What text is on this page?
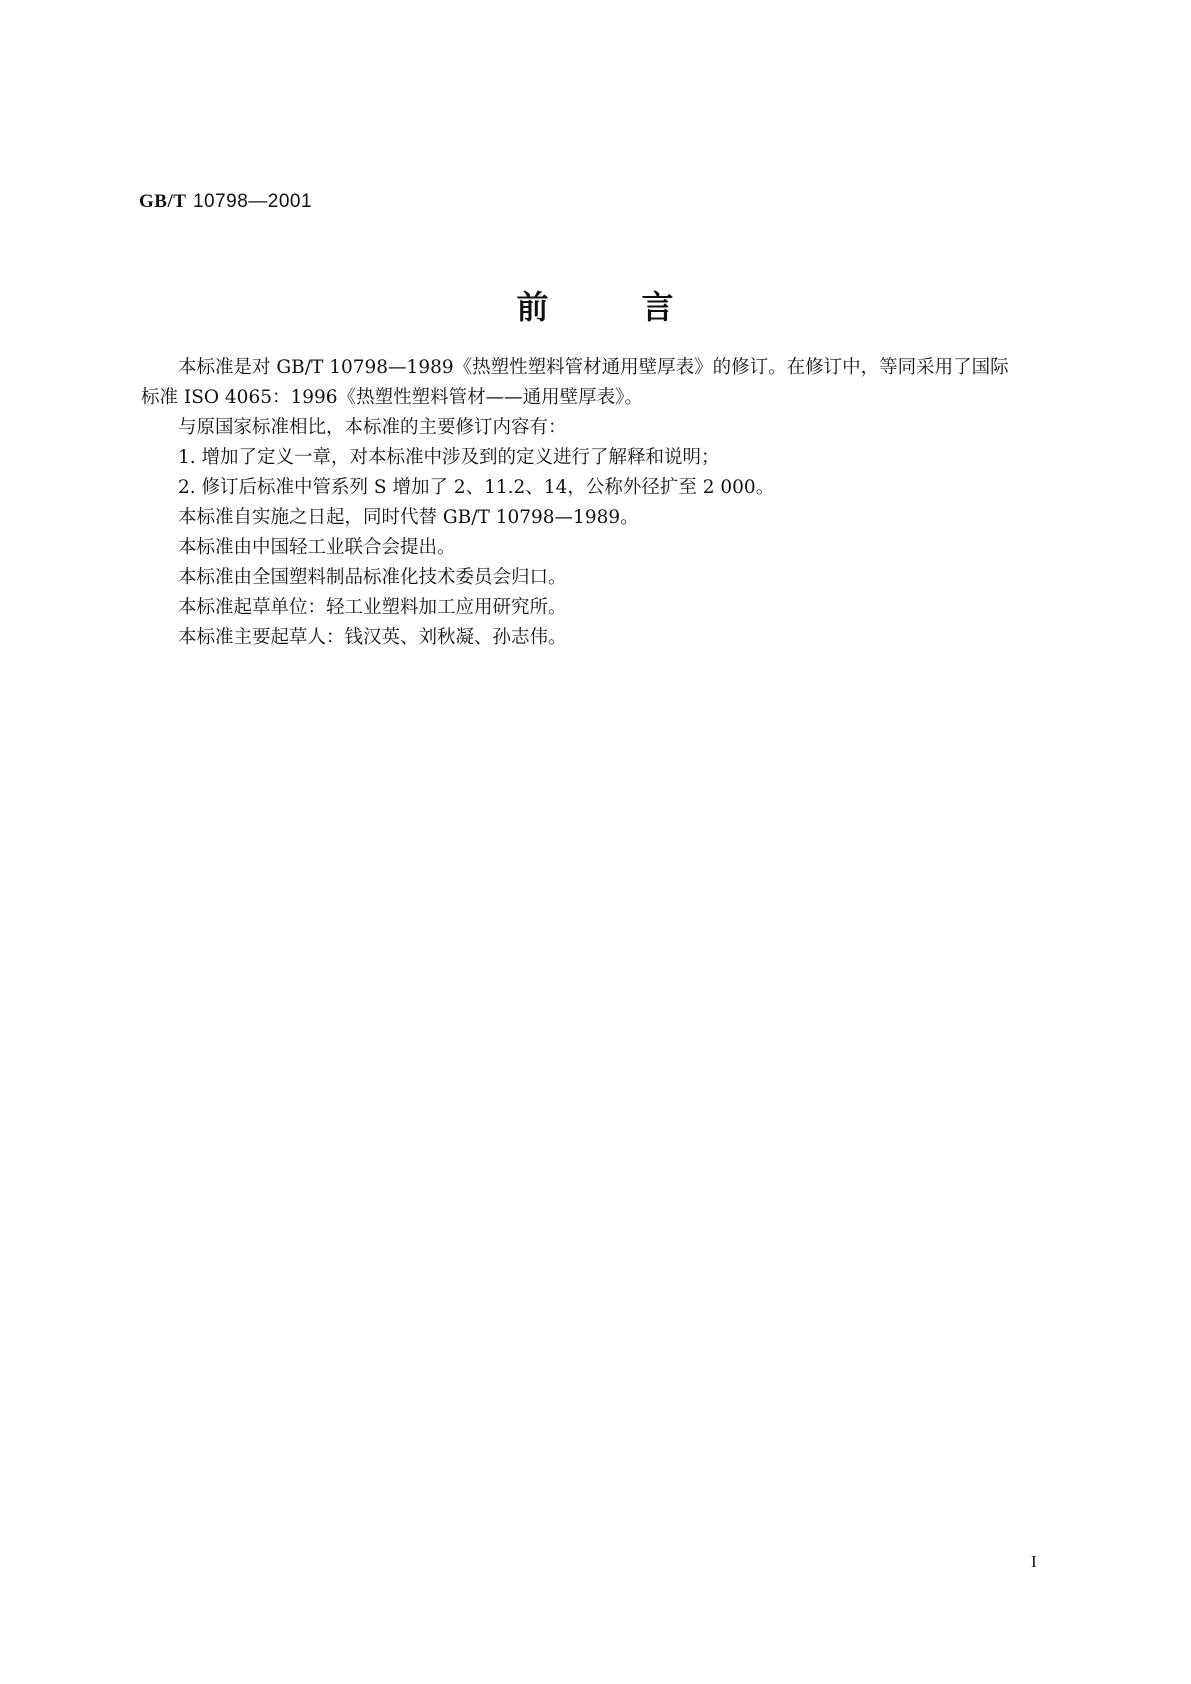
GB/T 10798—2001
前	言

本标准是对 GB/T 10798—1989《热塑性塑料管材通用壁厚表》的修订。在修订中，等同采用了国际

标准 ISO 4065：1996《热塑性塑料管材——通用壁厚表》。

与原国家标准相比，本标准的主要修订内容有：

1. 增加了定义一章，对本标准中涉及到的定义进行了解释和说明；

2. 修订后标准中管系列 S 增加了 2、11.2、14，公称外径扩至 2 000。

本标准自实施之日起，同时代替 GB/T 10798—1989。

本标准由中国轻工业联合会提出。

本标准由全国塑料制品标准化技术委员会归口。

本标准起草单位：轻工业塑料加工应用研究所。

本标准主要起草人：钱汉英、刘秋凝、孙志伟。

I
